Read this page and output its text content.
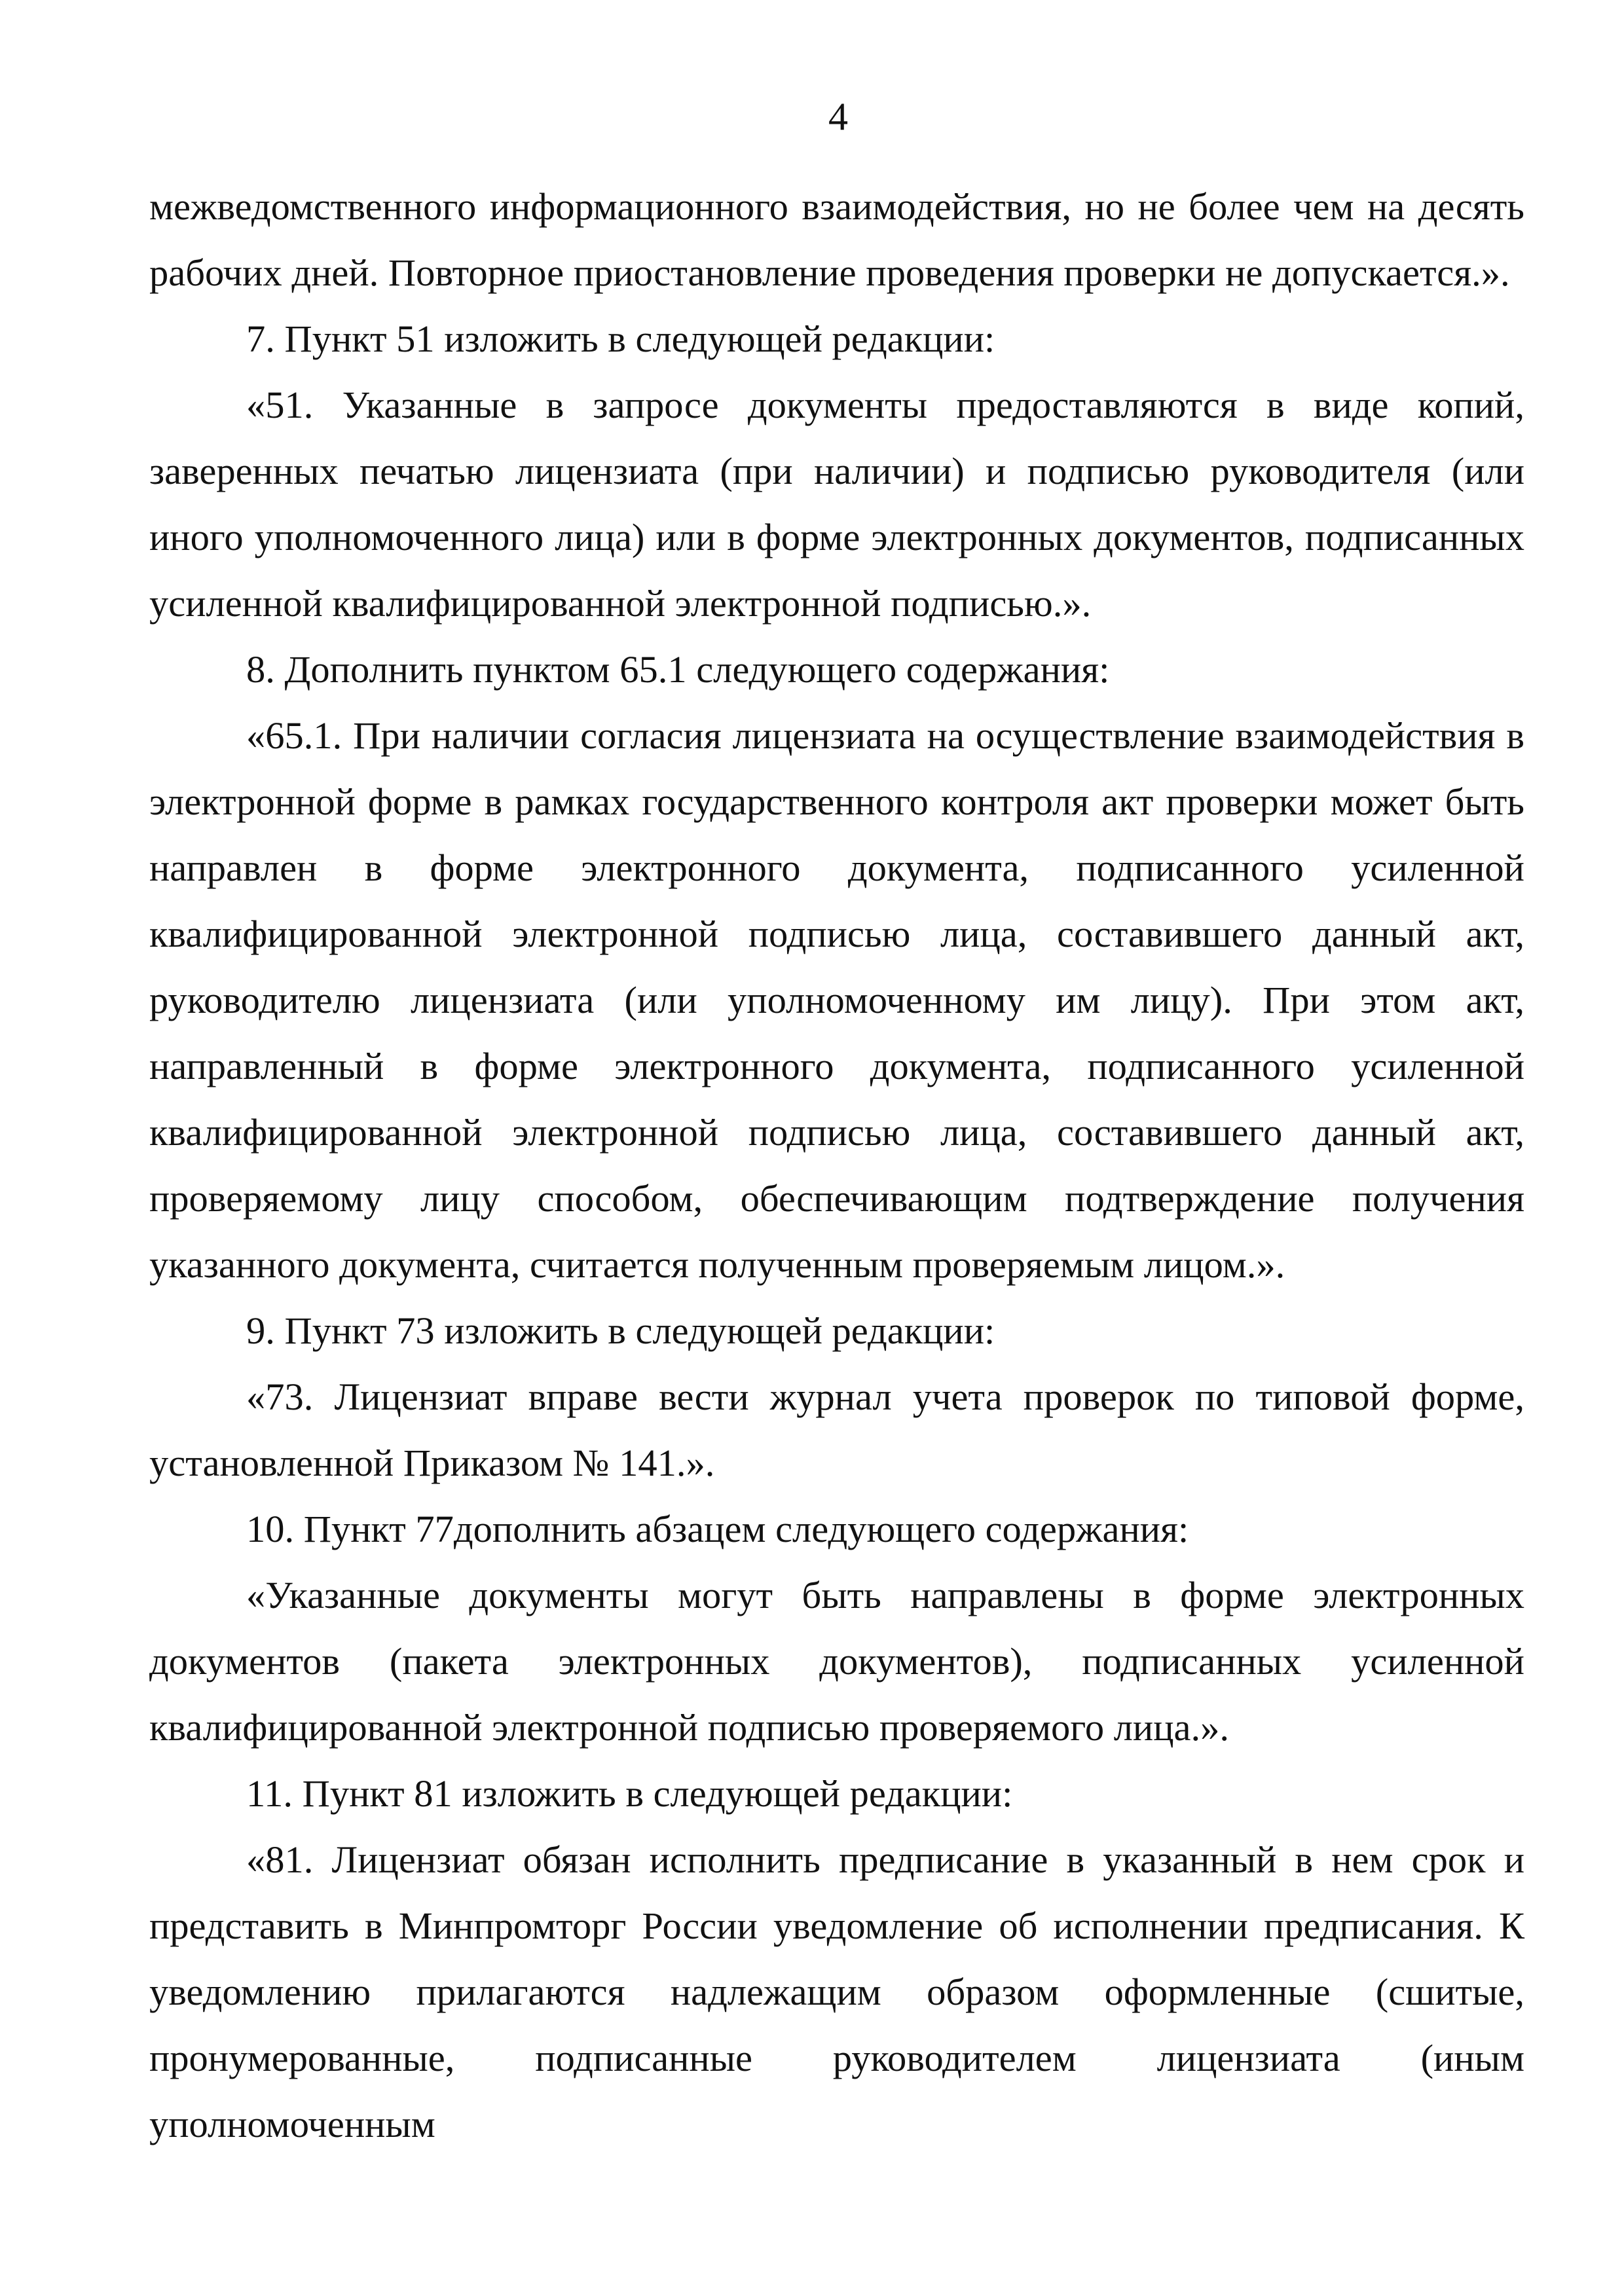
4

межведомственного информационного взаимодействия, но не более чем на десять рабочих дней. Повторное приостановление проведения проверки не допускается.».

7. Пункт 51 изложить в следующей редакции:

«51. Указанные в запросе документы предоставляются в виде копий, заверенных печатью лицензиата (при наличии) и подписью руководителя (или иного уполномоченного лица) или в форме электронных документов, подписанных усиленной квалифицированной электронной подписью.».

8. Дополнить пунктом 65.1 следующего содержания:

«65.1. При наличии согласия лицензиата на осуществление взаимодействия в электронной форме в рамках государственного контроля акт проверки может быть направлен в форме электронного документа, подписанного усиленной квалифицированной электронной подписью лица, составившего данный акт, руководителю лицензиата (или уполномоченному им лицу). При этом акт, направленный в форме электронного документа, подписанного усиленной квалифицированной электронной подписью лица, составившего данный акт, проверяемому лицу способом, обеспечивающим подтверждение получения указанного документа, считается полученным проверяемым лицом.».

9. Пункт 73 изложить в следующей редакции:

«73. Лицензиат вправе вести журнал учета проверок по типовой форме, установленной Приказом № 141.».

10. Пункт 77дополнить абзацем следующего содержания:

«Указанные документы могут быть направлены в форме электронных документов (пакета электронных документов), подписанных усиленной квалифицированной электронной подписью проверяемого лица.».

11. Пункт 81 изложить в следующей редакции:

«81. Лицензиат обязан исполнить предписание в указанный в нем срок и представить в Минпромторг России уведомление об исполнении предписания. К уведомлению прилагаются надлежащим образом оформленные (сшитые, пронумерованные, подписанные руководителем лицензиата (иным уполномоченным
